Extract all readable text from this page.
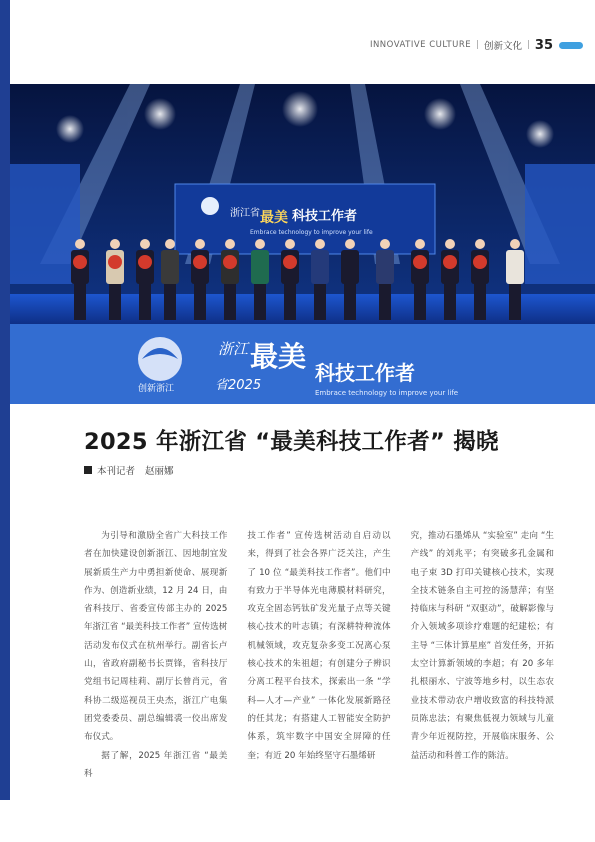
INNOVATIVE CULTURE | 创新文化 | 35
浙江省 最美 科技工作者
Embrace technology to improve your life
创新浙江
浙江 最美
省2025
科技工作者
Embrace technology to improve your life
2025 年浙江省 “最美科技工作者” 揭晓
本刊记者 赵丽娜

为引导和激励全省广大科技工作者在加快建设创新浙江、因地制宜发展新质生产力中勇担新使命、展现新作为、创造新业绩，12 月 24 日，由省科技厅、省委宣传部主办的 2025 年浙江省 “最美科技工作者” 宣传选树活动发布仪式在杭州举行。副省长卢山，省政府副秘书长贾锋，省科技厅党组书记周桂莉、副厅长曾肖元，省科协二级巡视员王央杰，浙江广电集团党委委员、副总编辑裘一佼出席发布仪式。

据了解，2025 年浙江省 “最美科

技工作者” 宣传选树活动自启动以来，得到了社会各界广泛关注，产生了 10 位 “最美科技工作者”。他们中有致力于半导体光电薄膜材料研究，攻克全固态钙钛矿发光量子点等关键核心技术的叶志镇；有深耕特种流体机械领域，攻克复杂多变工况离心泵核心技术的朱祖超；有创建分子辨识分离工程平台技术，探索出一条 “学科—人才—产业” 一体化发展新路径的任其龙；有搭建人工智能安全防护体系，筑牢数字中国安全屏障的任奎；有近 20 年始终坚守石墨烯研

究，推动石墨烯从 “实验室” 走向 “生产线” 的刘兆平；有突破多孔金属和电子束 3D 打印关键核心技术，实现全技术链条自主可控的汤慧萍；有坚持临床与科研 “双驱动”，破解影像与介入领域多项诊疗难题的纪建松；有主导 “三体计算星座” 首发任务，开拓太空计算新领域的李超；有 20 多年扎根丽水、宁波等地乡村，以生态农业技术带动农户增收致富的科技特派员陈忠法；有聚焦低视力领域与儿童青少年近视防控，开展临床服务、公益活动和科普工作的陈洁。
